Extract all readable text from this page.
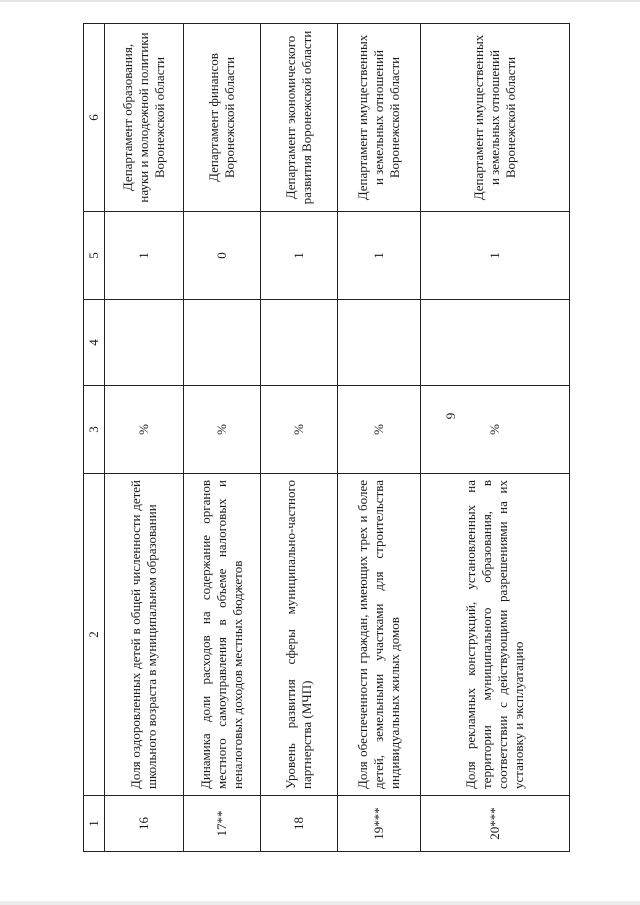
9
1	2	3	4	5	6
16	Доля оздоровленных детей в общей численности детей школьного возраста в муниципальном образовании	%		1	Департамент образования, науки и молодежной политики Воронежской области
17**	Динамика доли расходов на содержание органов местного самоуправления в объеме налоговых и неналоговых доходов местных бюджетов	%		0	Департамент финансов Воронежской области
18	Уровень развития сферы муниципально-частного партнерства (МЧП)	%		1	Департамент экономического развития Воронежской области
19***	Доля обеспеченности граждан, имеющих трех и более детей, земельными участками для строительства индивидуальных жилых домов	%		1	Департамент имущественных и земельных отношений Воронежской области
20***	Доля рекламных конструкций, установленных на территории муниципального образования, в соответствии с действующими разрешениями на их установку и эксплуатацию	%		1	Департамент имущественных и земельных отношений Воронежской области
